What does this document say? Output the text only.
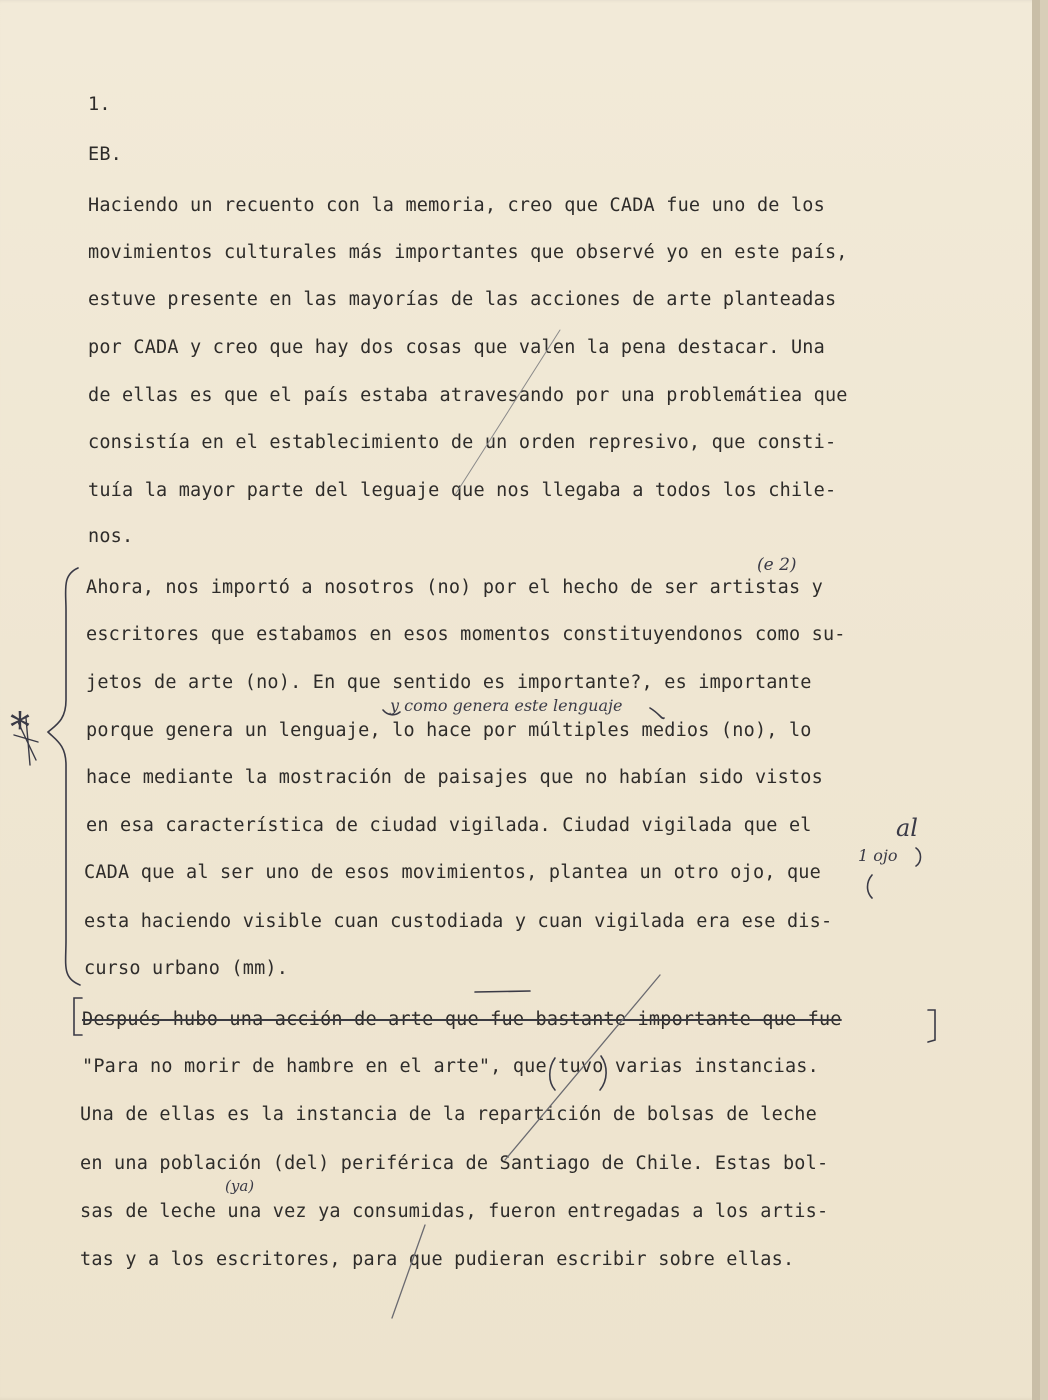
1.

EB.

Haciendo un recuento con la memoria, creo que CADA fue uno de los

movimientos culturales más importantes que observé yo en este país,

estuve presente en las mayorías de las acciones de arte planteadas

por CADA y creo que hay dos cosas que valen la pena destacar. Una

de ellas es que el país estaba atravesando por una problemátiea que

consistía en el establecimiento de un orden represivo, que consti-

tuía la mayor parte del leguaje que nos llegaba a todos los chile-

nos.

Ahora, nos importó a nosotros (no) por el hecho de ser artistas y

escritores que estabamos en esos momentos constituyendonos como su-

jetos de arte (no). En que sentido es importante?, es importante

porque genera un lenguaje, lo hace por múltiples medios (no), lo

hace mediante la mostración de paisajes que no habían sido vistos

en esa característica de ciudad vigilada. Ciudad vigilada que el

CADA que al ser uno de esos movimientos, plantea un otro ojo, que

esta haciendo visible cuan custodiada y cuan vigilada era ese dis-

curso urbano (mm).

Después hubo una acción de arte que fue bastante importante que fue

"Para no morir de hambre en el arte", que tuvo varias instancias.

Una de ellas es la instancia de la repartición de bolsas de leche

en una población (del) periférica de Santiago de Chile. Estas bol-

sas de leche una vez ya consumidas, fueron entregadas a los artis-

tas y a los escritores, para que pudieran escribir sobre ellas.

(e 2)
y como genera este lenguaje
al
1 ojo
(ya)
*
